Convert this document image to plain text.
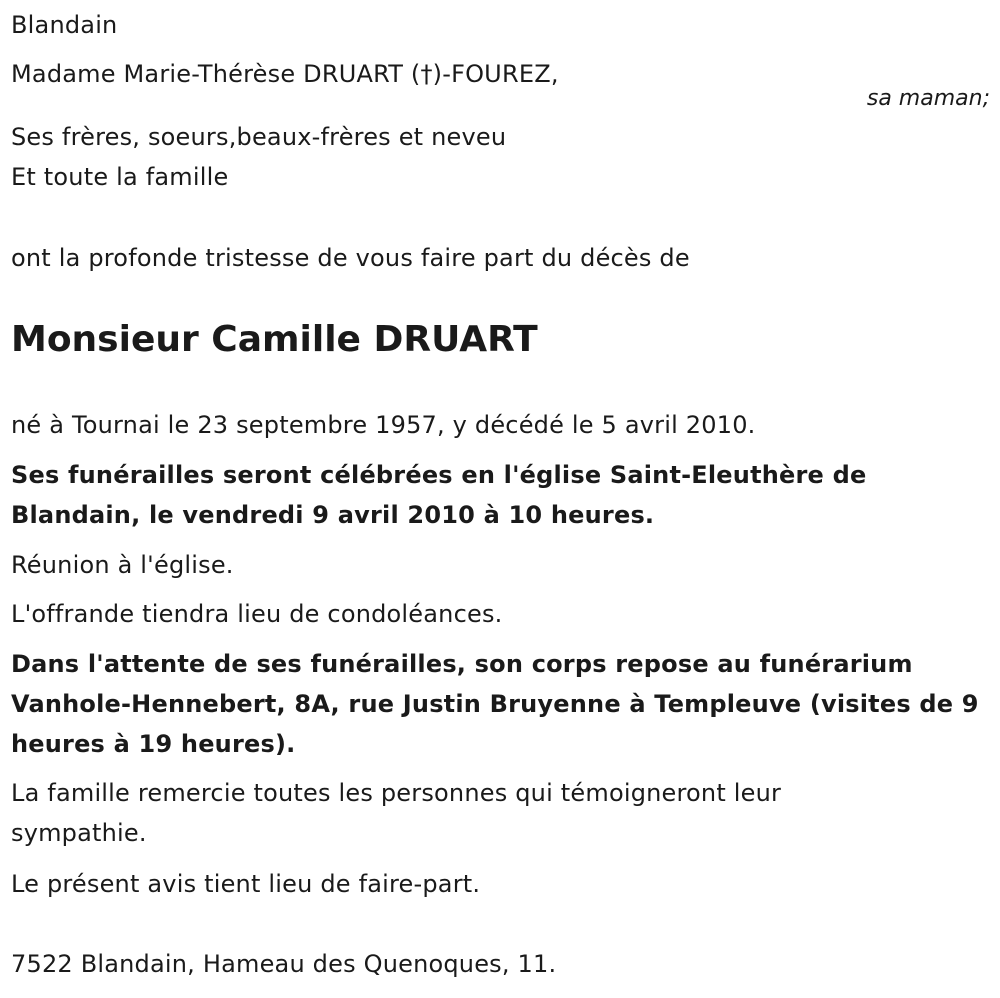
Blandain
Madame Marie-Thérèse DRUART (†)-FOUREZ,
sa maman;
Ses frères, soeurs,beaux-frères et neveu
Et toute la famille
ont la profonde tristesse de vous faire part du décès de
Monsieur Camille DRUART
né à Tournai le 23 septembre 1957, y décédé le 5 avril 2010.
Ses funérailles seront célébrées en l'église Saint-Eleuthère de
Blandain, le vendredi 9 avril 2010 à 10 heures.
Réunion à l'église.
L'offrande tiendra lieu de condoléances.
Dans l'attente de ses funérailles, son corps repose au funérarium
Vanhole-Hennebert, 8A, rue Justin Bruyenne à Templeuve (visites de 9
heures à 19 heures).
La famille remercie toutes les personnes qui témoigneront leur
sympathie.
Le présent avis tient lieu de faire-part.
7522 Blandain, Hameau des Quenoques, 11.
